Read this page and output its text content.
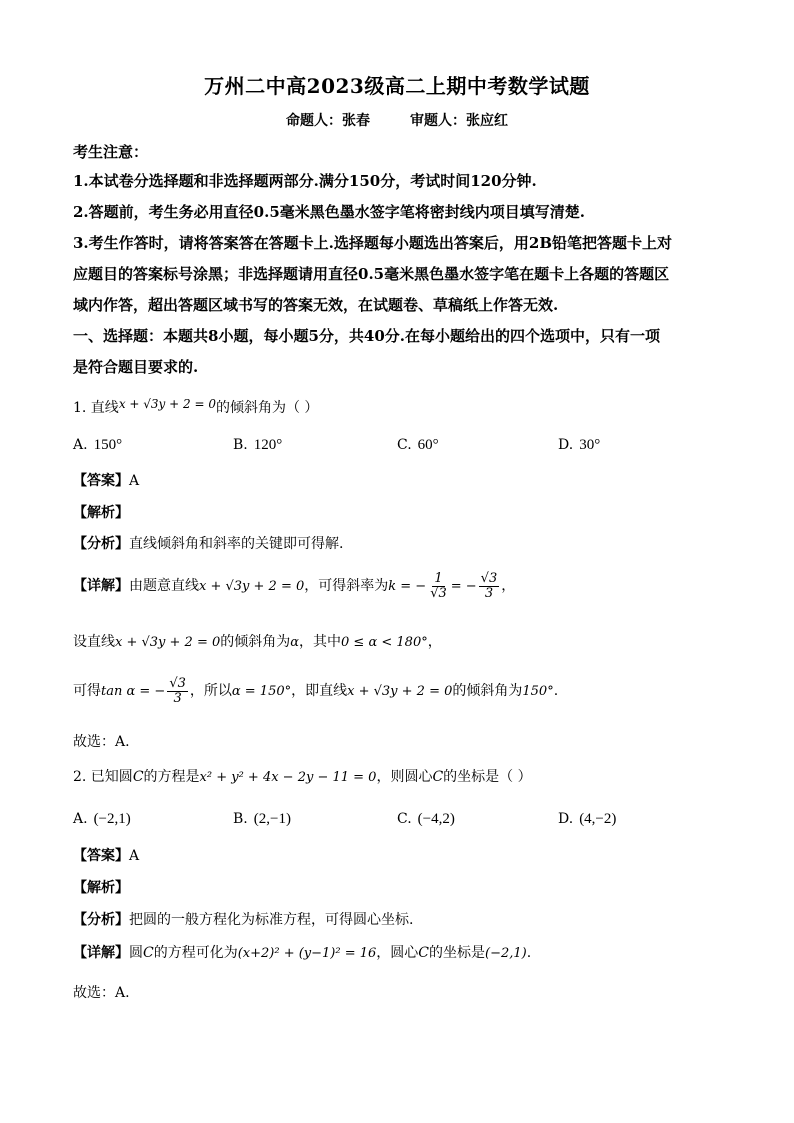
万州二中高2023级高二上期中考数学试题
命题人：张春	审题人：张应红
考生注意：
1.本试卷分选择题和非选择题两部分.满分150分，考试时间120分钟.
2.答题前，考生务必用直径0.5毫米黑色墨水签字笔将密封线内项目填写清楚.
3.考生作答时，请将答案答在答题卡上.选择题每小题选出答案后，用2B铅笔把答题卡上对
应题目的答案标号涂黑；非选择题请用直径0.5毫米黑色墨水签字笔在题卡上各题的答题区
域内作答，超出答题区域书写的答案无效，在试题卷、草稿纸上作答无效.
一、选择题：本题共8小题，每小题5分，共40分.在每小题给出的四个选项中，只有一项
是符合题目要求的.
1. 直线x + √3y + 2 = 0的倾斜角为（ ）
A. 150°	B. 120°	C. 60°	D. 30°
【答案】A
【解析】
【分析】直线倾斜角和斜率的关键即可得解.
【详解】 由题意直线 x + √3y + 2 = 0 ，可得斜率为 k = − $\frac{1}{√3}$ = − $\frac{√3}{3}$ ，
设直线x + √3y + 2 = 0的倾斜角为α，其中0 ≤ α < 180°，
可得 tan α = − $\frac{√3}{3}$ ，所以 α = 150° ，即直线 x + √3y + 2 = 0 的倾斜角为 150° .
故选：A.
2. 已知圆C的方程是x² + y² + 4x − 2y − 11 = 0，则圆心C的坐标是（ ）
A. (−2,1)	B. (2,−1)	C. (−4,2)	D. (4,−2)
【答案】A
【解析】
【分析】把圆的一般方程化为标准方程，可得圆心坐标.
【详解】圆C的方程可化为(x+2)² + (y−1)² = 16，圆心C的坐标是(−2,1).
故选：A.
